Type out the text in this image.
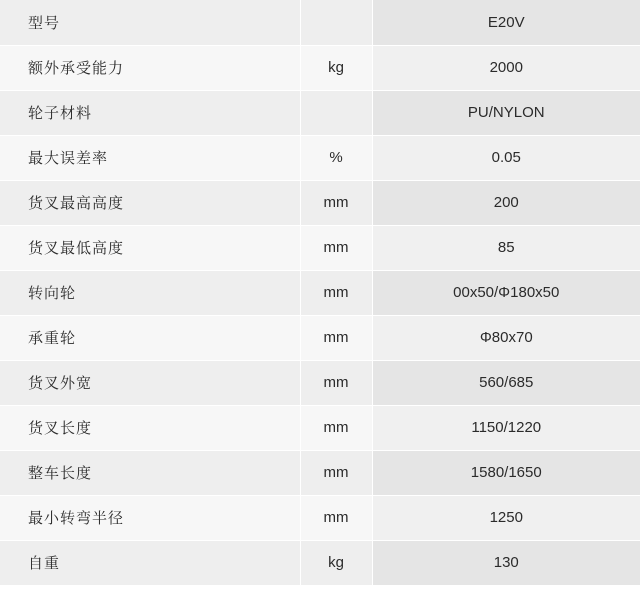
型号		E20V
额外承受能力	kg	2000
轮子材料		PU/NYLON
最大误差率	%	0.05
货叉最高高度	mm	200
货叉最低高度	mm	85
转向轮	mm	00x50/Φ180x50
承重轮	mm	Φ80x70
货叉外宽	mm	560/685
货叉长度	mm	1150/1220
整车长度	mm	1580/1650
最小转弯半径	mm	1250
自重	kg	130
